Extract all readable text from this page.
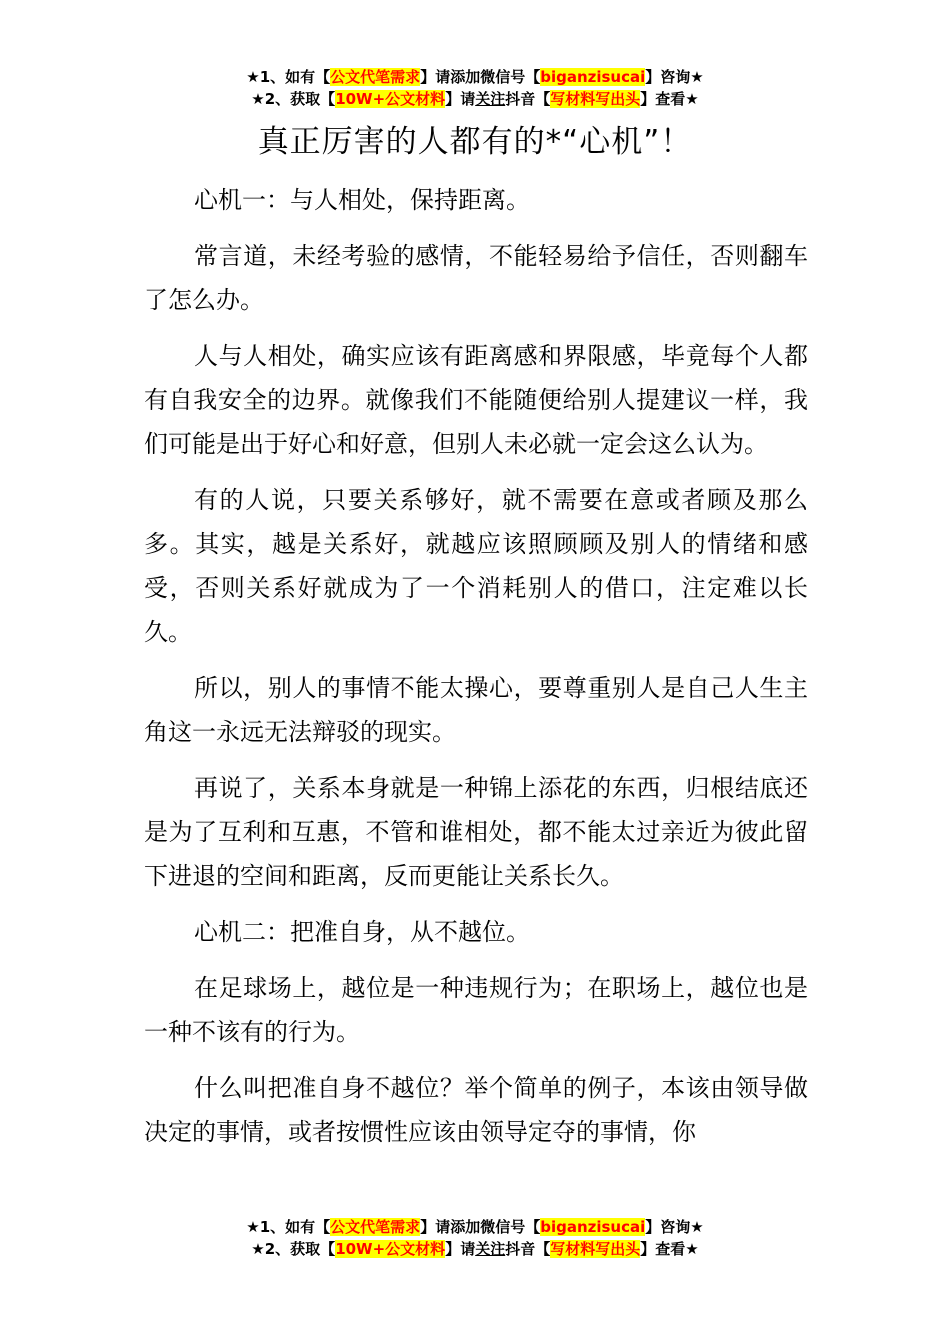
★1、如有【公文代笔需求】请添加微信号【biganzisucai】咨询★
★2、获取【10W+公文材料】请关注抖音【写材料写出头】查看★
真正厉害的人都有的*“心机”！

心机一：与人相处，保持距离。

常言道，未经考验的感情，不能轻易给予信任，否则翻车了怎么办。

人与人相处，确实应该有距离感和界限感，毕竟每个人都有自我安全的边界。就像我们不能随便给别人提建议一样，我们可能是出于好心和好意，但别人未必就一定会这么认为。

有的人说，只要关系够好，就不需要在意或者顾及那么多。其实，越是关系好，就越应该照顾顾及别人的情绪和感受，否则关系好就成为了一个消耗别人的借口，注定难以长久。

所以，别人的事情不能太操心，要尊重别人是自己人生主角这一永远无法辩驳的现实。

再说了，关系本身就是一种锦上添花的东西，归根结底还是为了互利和互惠，不管和谁相处，都不能太过亲近为彼此留下进退的空间和距离，反而更能让关系长久。

心机二：把准自身，从不越位。

在足球场上，越位是一种违规行为；在职场上，越位也是一种不该有的行为。

什么叫把准自身不越位？举个简单的例子，本该由领导做决定的事情，或者按惯性应该由领导定夺的事情，你

★1、如有【公文代笔需求】请添加微信号【biganzisucai】咨询★
★2、获取【10W+公文材料】请关注抖音【写材料写出头】查看★
